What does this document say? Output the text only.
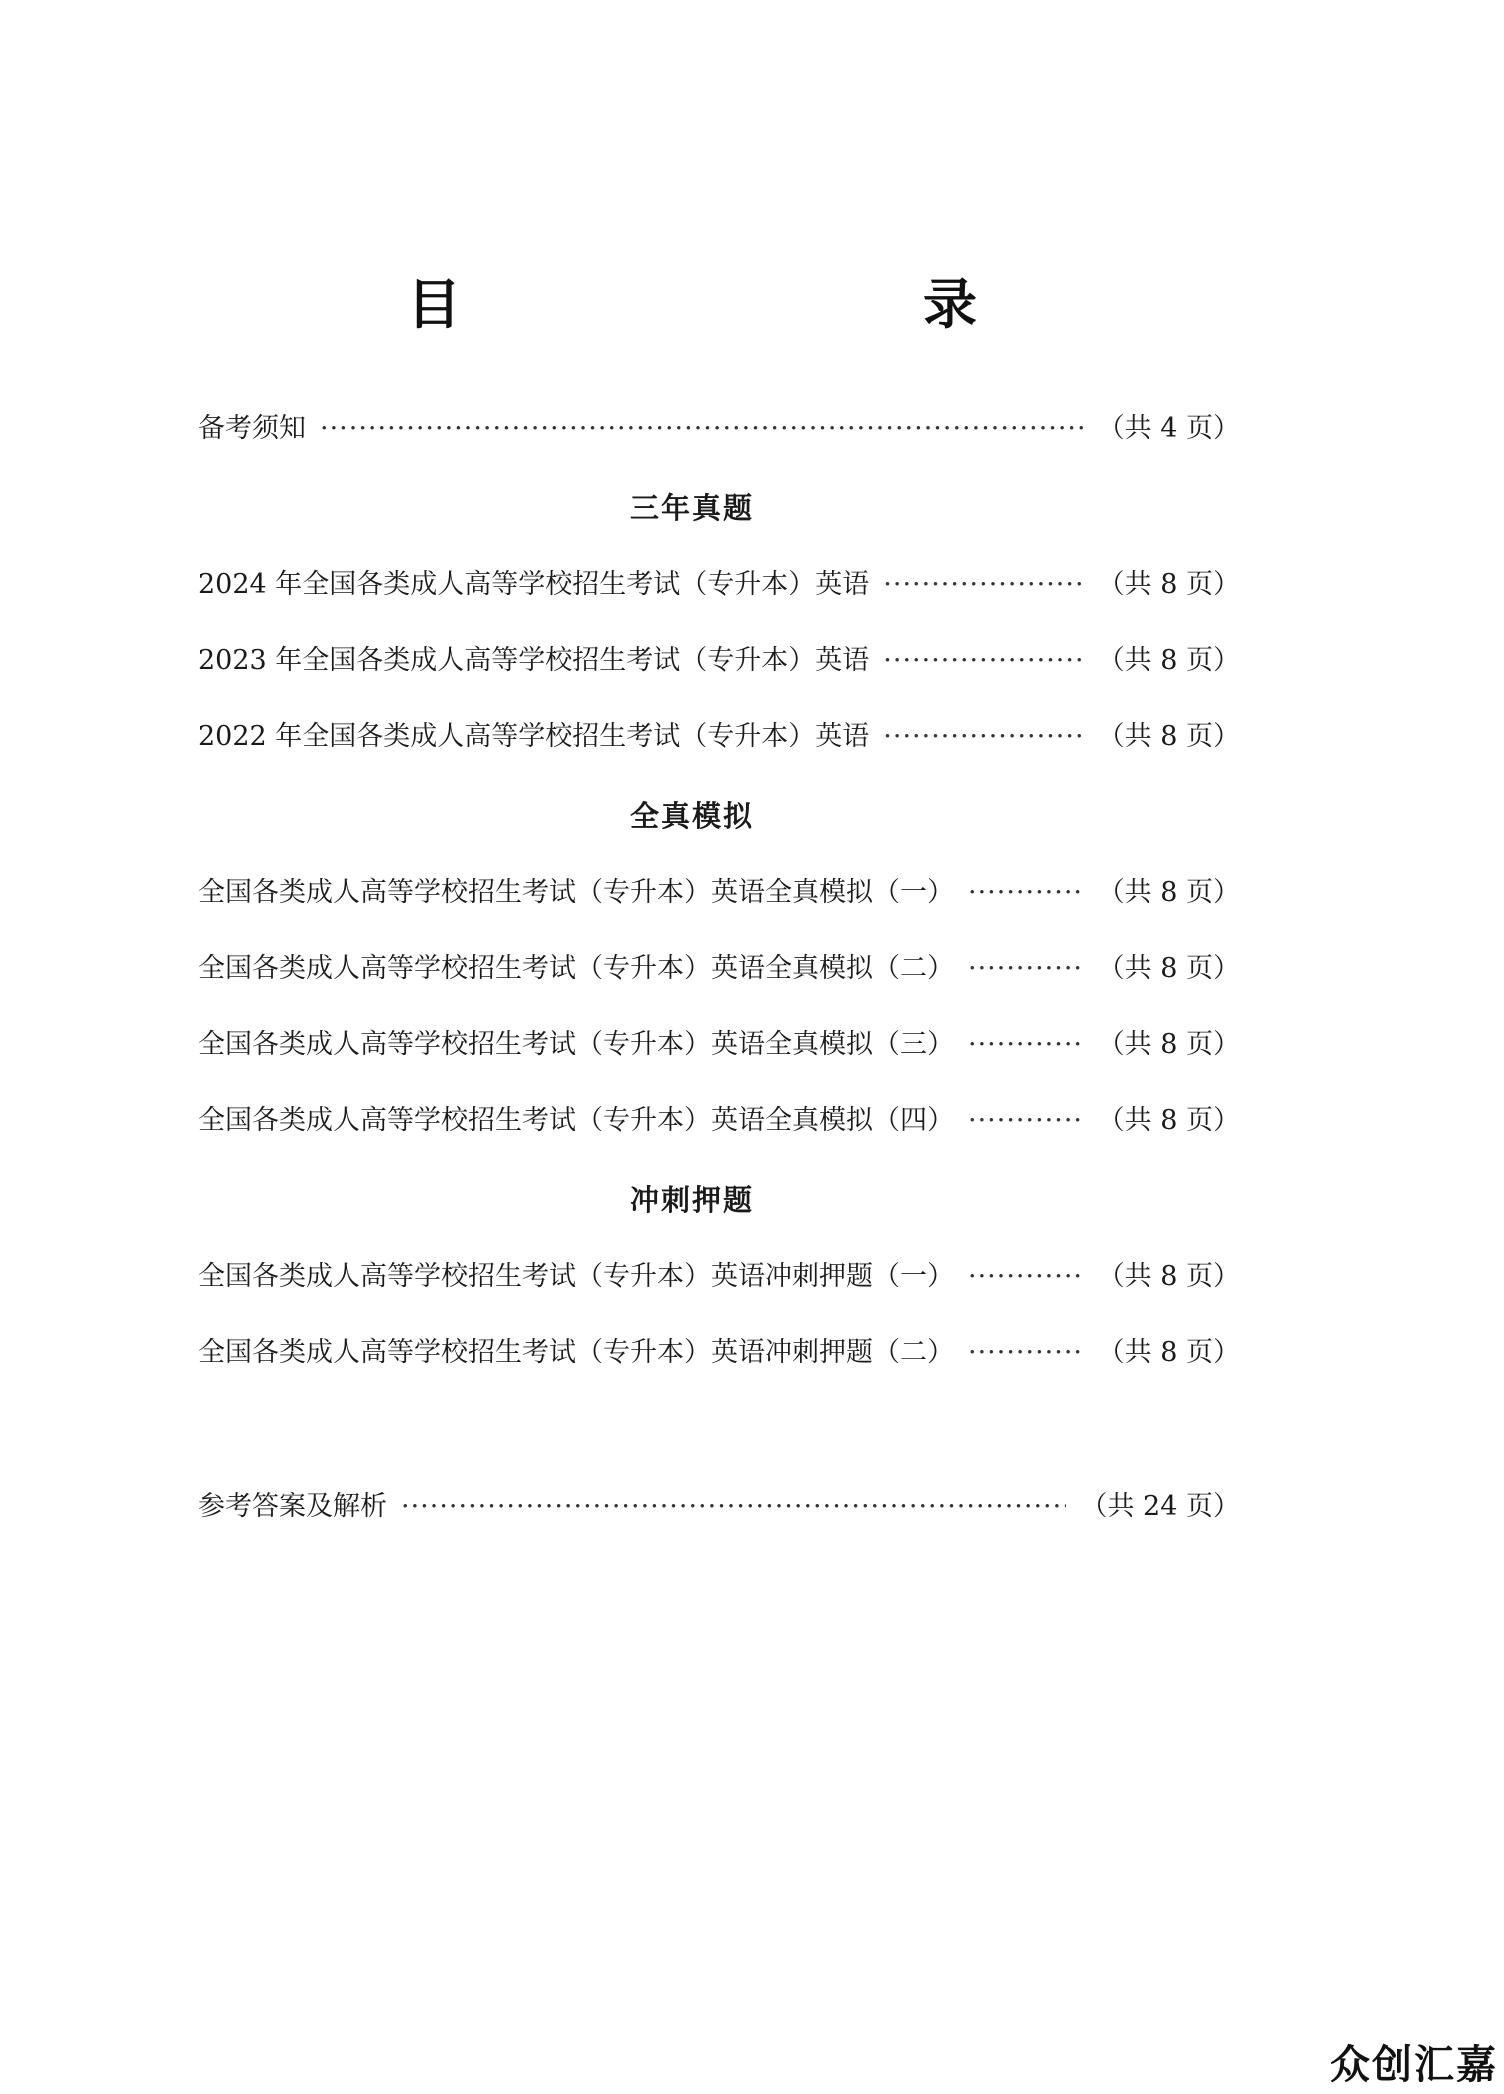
目　　录
备考须知 ·····	（共 4 页）
三年真题
2024 年全国各类成人高等学校招生考试（专升本）英语 ·····	（共 8 页）
2023 年全国各类成人高等学校招生考试（专升本）英语 ·····	（共 8 页）
2022 年全国各类成人高等学校招生考试（专升本）英语 ·····	（共 8 页）
全真模拟
全国各类成人高等学校招生考试（专升本）英语全真模拟（一） ·····	（共 8 页）
全国各类成人高等学校招生考试（专升本）英语全真模拟（二） ·····	（共 8 页）
全国各类成人高等学校招生考试（专升本）英语全真模拟（三） ·····	（共 8 页）
全国各类成人高等学校招生考试（专升本）英语全真模拟（四） ·····	（共 8 页）
冲刺押题
全国各类成人高等学校招生考试（专升本）英语冲刺押题（一） ·····	（共 8 页）
全国各类成人高等学校招生考试（专升本）英语冲刺押题（二） ·····	（共 8 页）
参考答案及解析 ·····	（共 24 页）
众创汇嘉
